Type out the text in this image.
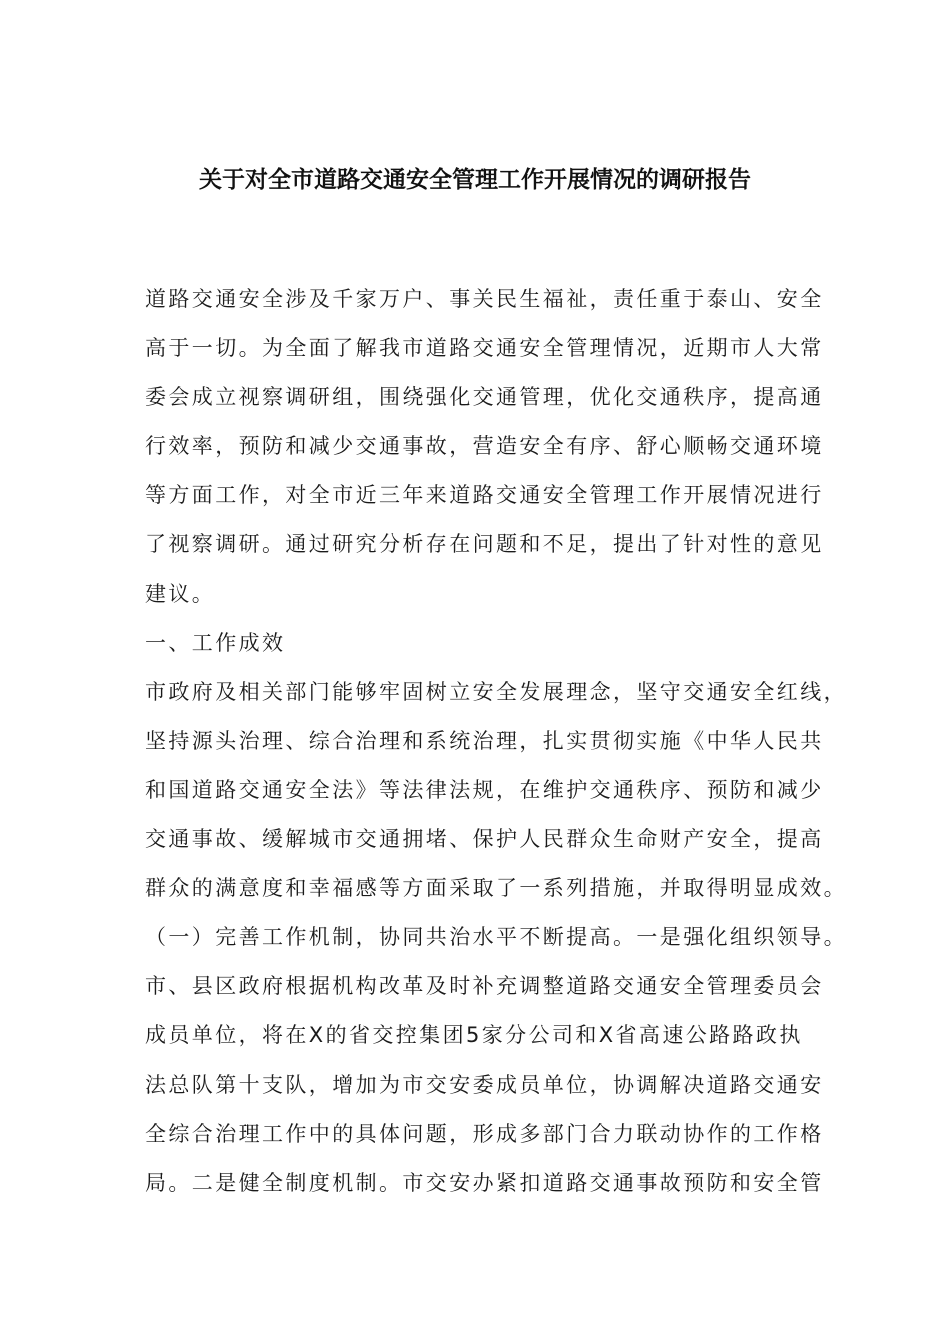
关于对全市道路交通安全管理工作开展情况的调研报告

道路交通安全涉及千家万户、事关民生福祉，责任重于泰山、安全

高于一切。为全面了解我市道路交通安全管理情况，近期市人大常

委会成立视察调研组，围绕强化交通管理，优化交通秩序，提高通

行效率，预防和减少交通事故，营造安全有序、舒心顺畅交通环境

等方面工作，对全市近三年来道路交通安全管理工作开展情况进行

了视察调研。通过研究分析存在问题和不足，提出了针对性的意见

建议。

一、工作成效

市政府及相关部门能够牢固树立安全发展理念，坚守交通安全红线，

坚持源头治理、综合治理和系统治理，扎实贯彻实施《中华人民共

和国道路交通安全法》等法律法规，在维护交通秩序、预防和减少

交通事故、缓解城市交通拥堵、保护人民群众生命财产安全，提高

群众的满意度和幸福感等方面采取了一系列措施，并取得明显成效。

（一）完善工作机制，协同共治水平不断提高。一是强化组织领导。

市、县区政府根据机构改革及时补充调整道路交通安全管理委员会

成员单位，将在X的省交控集团5家分公司和X省高速公路路政执

法总队第十支队，增加为市交安委成员单位，协调解决道路交通安

全综合治理工作中的具体问题，形成多部门合力联动协作的工作格

局。二是健全制度机制。市交安办紧扣道路交通事故预防和安全管
